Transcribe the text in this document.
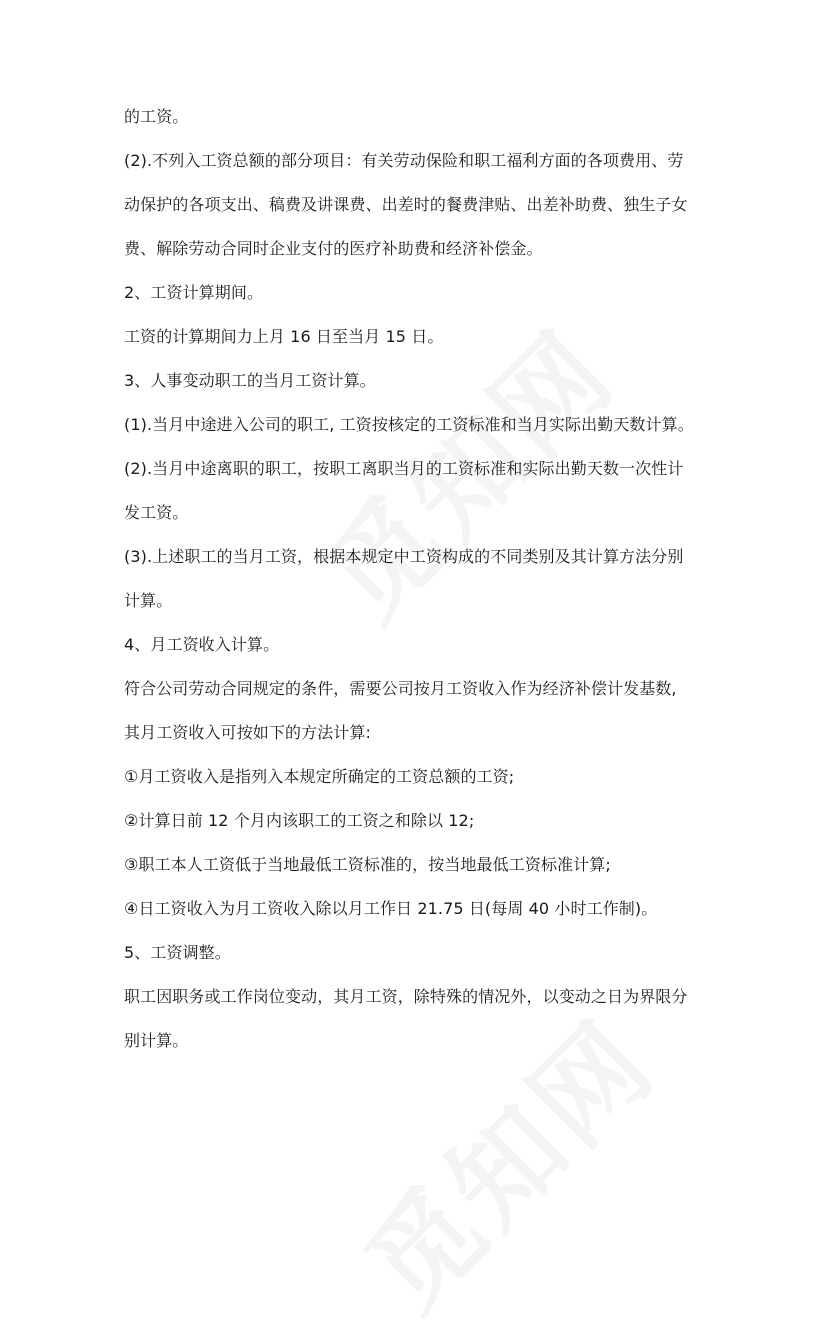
的工资。
(2).不列入工资总额的部分项目：有关劳动保险和职工福利方面的各项费用、劳
动保护的各项支出、稿费及讲课费、出差时的餐费津贴、出差补助费、独生子女
费、解除劳动合同时企业支付的医疗补助费和经济补偿金。
2、工资计算期间。
工资的计算期间力上月 16 日至当月 15 日。
3、人事变动职工的当月工资计算。
(1).当月中途进入公司的职工, 工资按核定的工资标准和当月实际出勤天数计算。
(2).当月中途离职的职工，按职工离职当月的工资标准和实际出勤天数一次性计
发工资。
(3).上述职工的当月工资，根据本规定中工资构成的不同类别及其计算方法分别
计算。
4、月工资收入计算。
符合公司劳动合同规定的条件，需要公司按月工资收入作为经济补偿计发基数,
其月工资收入可按如下的方法计算:
①月工资收入是指列入本规定所确定的工资总额的工资;
②计算日前 12 个月内该职工的工资之和除以 12;
③职工本人工资低于当地最低工资标准的，按当地最低工资标准计算;
④日工资收入为月工资收入除以月工作日 21.75 日(每周 40 小时工作制)。
5、工资调整。
职工因职务或工作岗位变动，其月工资，除特殊的情况外，以变动之日为界限分
别计算。
